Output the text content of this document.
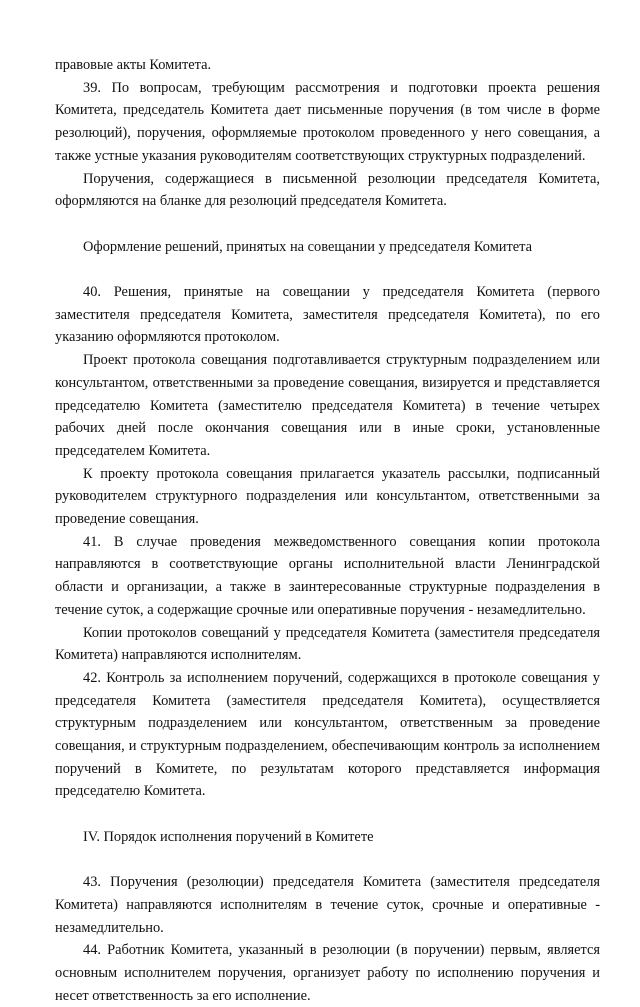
правовые акты Комитета.

39. По вопросам, требующим рассмотрения и подготовки проекта решения Комитета, председатель Комитета дает письменные поручения (в том числе в форме резолюций), поручения, оформляемые протоколом проведенного у него совещания, а также устные указания руководителям соответствующих структурных подразделений.

Поручения, содержащиеся в письменной резолюции председателя Комитета, оформляются на бланке для резолюций председателя Комитета.

Оформление решений, принятых на совещании у председателя Комитета

40. Решения, принятые на совещании у председателя Комитета (первого заместителя председателя Комитета, заместителя председателя Комитета), по его указанию оформляются протоколом.

Проект протокола совещания подготавливается структурным подразделением или консультантом, ответственными за проведение совещания, визируется и представляется председателю Комитета (заместителю председателя Комитета) в течение четырех рабочих дней после окончания совещания или в иные сроки, установленные председателем Комитета.

К проекту протокола совещания прилагается указатель рассылки, подписанный руководителем структурного подразделения или консультантом, ответственными за проведение совещания.

41. В случае проведения межведомственного совещания копии протокола направляются в соответствующие органы исполнительной власти Ленинградской области и организации, а также в заинтересованные структурные подразделения в течение суток, а содержащие срочные или оперативные поручения - незамедлительно.

Копии протоколов совещаний у председателя Комитета (заместителя председателя Комитета) направляются исполнителям.

42. Контроль за исполнением поручений, содержащихся в протоколе совещания у председателя Комитета (заместителя председателя Комитета), осуществляется структурным подразделением или консультантом, ответственным за проведение совещания, и структурным подразделением, обеспечивающим контроль за исполнением поручений в Комитете, по результатам которого представляется информация председателю Комитета.

IV. Порядок исполнения поручений в Комитете

43. Поручения (резолюции) председателя Комитета (заместителя председателя Комитета) направляются исполнителям в течение суток, срочные и оперативные - незамедлительно.

44. Работник Комитета, указанный в резолюции (в поручении) первым, является основным исполнителем поручения, организует работу по исполнению поручения и несет ответственность за его исполнение.
